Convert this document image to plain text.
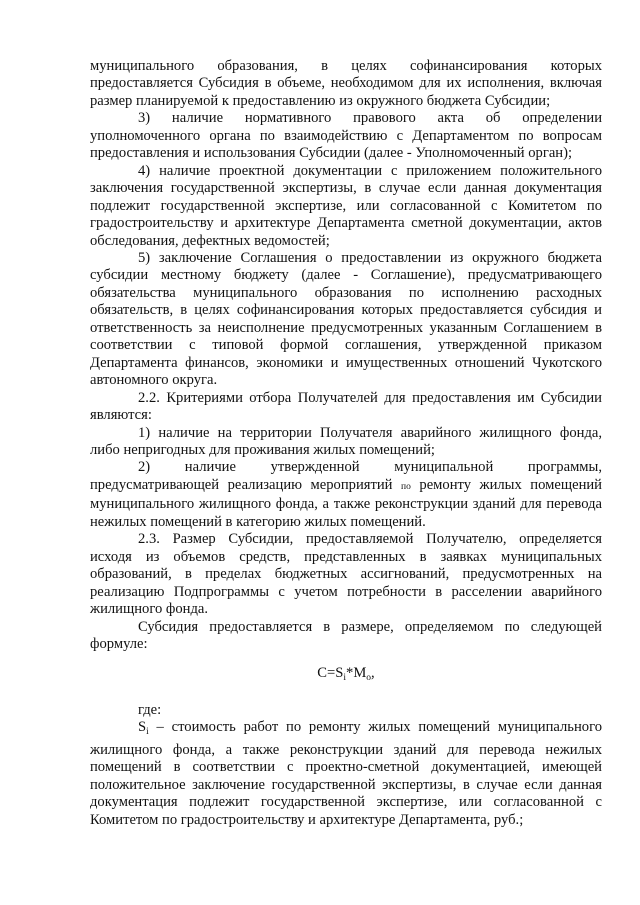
муниципального образования, в целях софинансирования которых предоставляется Субсидия в объеме, необходимом для их исполнения, включая размер планируемой к предоставлению из окружного бюджета Субсидии;

3) наличие нормативного правового акта об определении уполномоченного органа по взаимодействию с Департаментом по вопросам предоставления и использования Субсидии (далее - Уполномоченный орган);

4) наличие проектной документации с приложением положительного заключения государственной экспертизы, в случае если данная документация подлежит государственной экспертизе, или согласованной с Комитетом по градостроительству и архитектуре Департамента сметной документации, актов обследования, дефектных ведомостей;

5) заключение Соглашения о предоставлении из окружного бюджета субсидии местному бюджету (далее - Соглашение), предусматривающего обязательства муниципального образования по исполнению расходных обязательств, в целях софинансирования которых предоставляется субсидия и ответственность за неисполнение предусмотренных указанным Соглашением в соответствии с типовой формой соглашения, утвержденной приказом Департамента финансов, экономики и имущественных отношений Чукотского автономного округа.

2.2. Критериями отбора Получателей для предоставления им Субсидии являются:

1) наличие на территории Получателя аварийного жилищного фонда, либо непригодных для проживания жилых помещений;

2) наличие утвержденной муниципальной программы, предусматривающей реализацию мероприятий по ремонту жилых помещений муниципального жилищного фонда, а также реконструкции зданий для перевода нежилых помещений в категорию жилых помещений.

2.3. Размер Субсидии, предоставляемой Получателю, определяется исходя из объемов средств, представленных в заявках муниципальных образований, в пределах бюджетных ассигнований, предусмотренных на реализацию Подпрограммы с учетом потребности в расселении аварийного жилищного фонда.

Субсидия предоставляется в размере, определяемом по следующей формуле:

$C=S_i*M_o$,

где:

$S_i$ – стоимость работ по ремонту жилых помещений муниципального жилищного фонда, а также реконструкции зданий для перевода нежилых помещений в соответствии с проектно-сметной документацией, имеющей положительное заключение государственной экспертизы, в случае если данная документация подлежит государственной экспертизе, или согласованной с Комитетом по градостроительству и архитектуре Департамента, руб.;
